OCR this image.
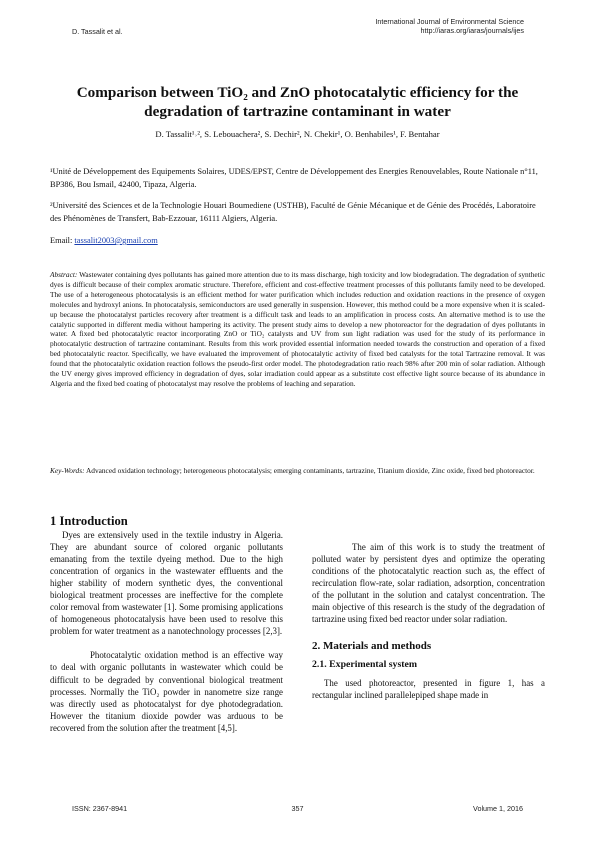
D. Tassalit et al.
International Journal of Environmental Science
http://iaras.org/iaras/journals/ijes
Comparison between TiO₂ and ZnO photocatalytic efficiency for the degradation of tartrazine contaminant in water
D. Tassalit¹˒², S. Lebouachera², S. Dechir², N. Chekir¹, O. Benhabiles¹, F. Bentahar

¹Unité de Développement des Equipements Solaires, UDES/EPST, Centre de Développement des Energies Renouvelables, Route Nationale n°11, BP386, Bou Ismail, 42400, Tipaza, Algeria.

²Université des Sciences et de la Technologie Houari Boumediene (USTHB), Faculté de Génie Mécanique et de Génie des Procédés, Laboratoire des Phénomènes de Transfert, Bab-Ezzouar, 16111 Algiers, Algeria.

Email: tassalit2003@gmail.com

Abstract: Wastewater containing dyes pollutants has gained more attention due to its mass discharge, high toxicity and low biodegradation. The degradation of synthetic dyes is difficult because of their complex aromatic structure. Therefore, efficient and cost-effective treatment processes of this pollutants family need to be developed. The use of a heterogeneous photocatalysis is an efficient method for water purification which includes reduction and oxidation reactions in the presence of oxygen molecules and hydroxyl anions. In photocatalysis, semiconductors are used generally in suspension. However, this method could be a more expensive when it is scaled-up because the photocatalyst particles recovery after treatment is a difficult task and leads to an amplification in process costs. An alternative method is to use the catalytic supported in different media without hampering its activity. The present study aims to develop a new photoreactor for the degradation of dyes pollutants in water. A fixed bed photocatalytic reactor incorporating ZnO or TiO₂ catalysts and UV from sun light radiation was used for the study of its performance in photocatalytic destruction of tartrazine contaminant. Results from this work provided essential information needed towards the construction and operation of a fixed bed photocatalytic reactor. Specifically, we have evaluated the improvement of photocatalytic activity of fixed bed catalysts for the total Tartrazine removal. It was found that the photocatalytic oxidation reaction follows the pseudo-first order model. The photodegradation ratio reach 98% after 200 min of solar radiation. Although the UV energy gives improved efficiency in degradation of dyes, solar irradiation could appear as a substitute cost effective light source because of its abundance in Algeria and the fixed bed coating of photocatalyst may resolve the problems of leaching and separation.

Key-Words: Advanced oxidation technology; heterogeneous photocatalysis; emerging contaminants, tartrazine, Titanium dioxide, Zinc oxide, fixed bed photoreactor.

1 Introduction

Dyes are extensively used in the textile industry in Algeria. They are abundant source of colored organic pollutants emanating from the textile dyeing method. Due to the high concentration of organics in the wastewater effluents and the higher stability of modern synthetic dyes, the conventional biological treatment processes are ineffective for the complete color removal from wastewater [1]. Some promising applications of homogeneous photocatalysis have been used to resolve this problem for water treatment as a nanotechnology processes [2,3].

Photocatalytic oxidation method is an effective way to deal with organic pollutants in wastewater which could be difficult to be degraded by conventional biological treatment processes. Normally the TiO₂ powder in nanometre size range was directly used as photocatalyst for dye photodegradation. However the titanium dioxide powder was arduous to be recovered from the solution after the treatment [4,5].

The aim of this work is to study the treatment of polluted water by persistent dyes and optimize the operating conditions of the photocatalytic reaction such as, the effect of recirculation flow-rate, solar radiation, adsorption, concentration of the pollutant in the solution and catalyst concentration. The main objective of this research is the study of the degradation of tartrazine using fixed bed reactor under solar radiation.

2. Materials and methods
2.1. Experimental system

The used photoreactor, presented in figure 1, has a rectangular inclined parallelepiped shape made in

ISSN: 2367-8941	357	Volume 1, 2016
